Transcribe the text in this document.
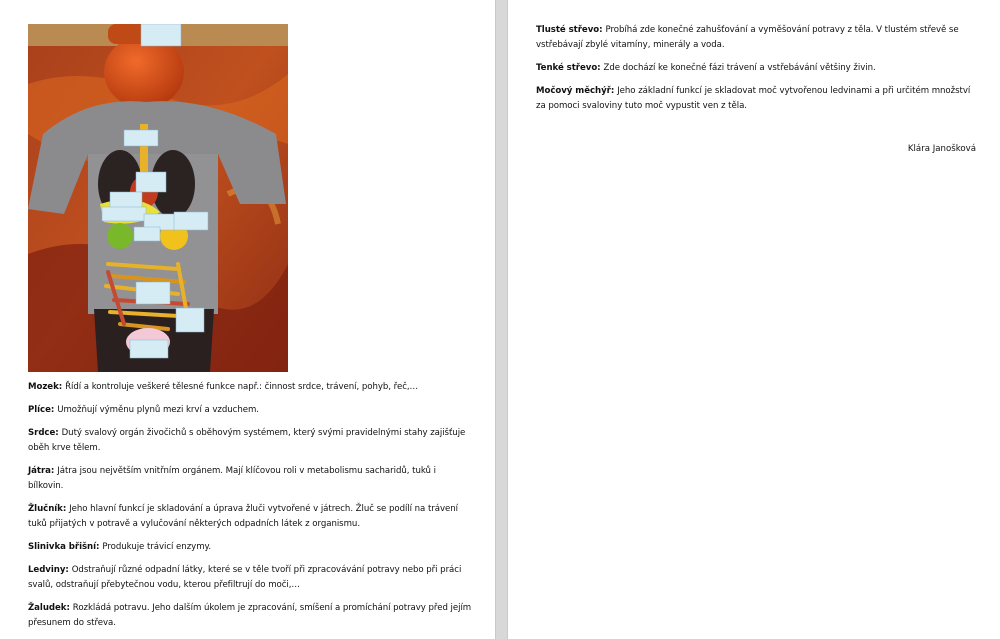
Mozek: Řídí a kontroluje veškeré tělesné funkce např.: činnost srdce, trávení, pohyb, řeč,…

Plíce: Umožňují výměnu plynů mezi krví a vzduchem.

Srdce: Dutý svalový orgán živočichů s oběhovým systémem, který svými pravidelnými stahy zajišťuje oběh krve tělem.

Játra: Játra jsou největším vnitřním orgánem. Mají klíčovou roli v metabolismu sacharidů, tuků i bílkovin.

Žlučník: Jeho hlavní funkcí je skladování a úprava žluči vytvořené v játrech. Žluč se podílí na trávení tuků přijatých v potravě a vylučování některých odpadních látek z organismu.

Slinivka břišní: Produkuje trávicí enzymy.

Ledviny: Odstraňují různé odpadní látky, které se v těle tvoří při zpracovávání potravy nebo při práci svalů, odstraňují přebytečnou vodu, kterou přefiltrují do moči,…

Žaludek: Rozkládá potravu. Jeho dalším úkolem je zpracování, smíšení a promíchání potravy před jejím přesunem do střeva.

Tlusté střevo: Probíhá zde konečné zahušťování a vyměšování potravy z těla. V tlustém střevě se vstřebávají zbylé vitamíny, minerály a voda.

Tenké střevo: Zde dochází ke konečné fázi trávení a vstřebávání většiny živin.

Močový měchýř: Jeho základní funkcí je skladovat moč vytvořenou ledvinami a při určitém množství za pomoci svaloviny tuto moč vypustit ven z těla.

Klára Janošková
